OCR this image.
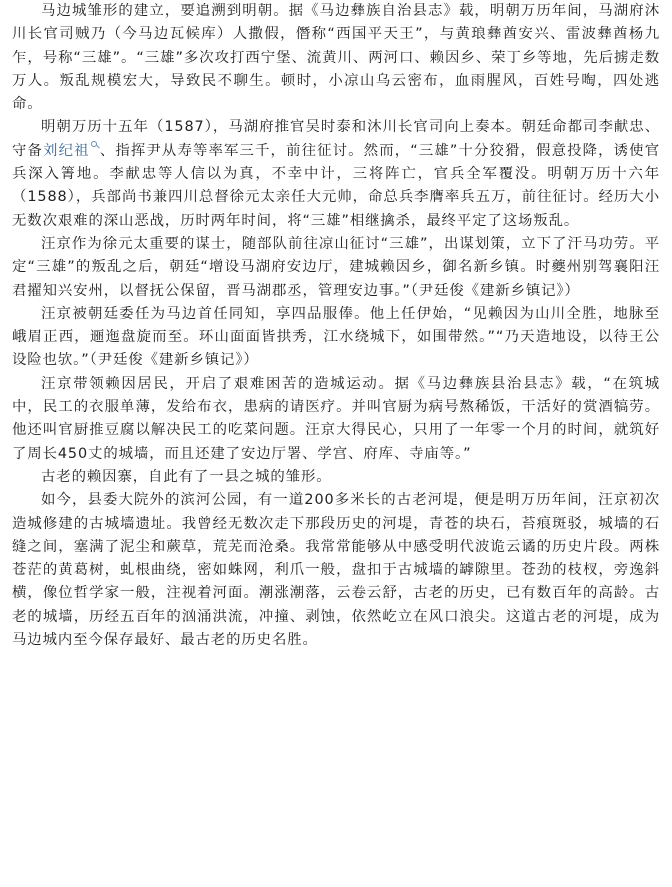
马边城雏形的建立，要追溯到明朝。据《马边彝族自治县志》载，明朝万历年间，马湖府沐川长官司贼乃（今马边瓦候库）人撒假，僭称“西国平天王”，与黄琅彝酋安兴、雷波彝酋杨九乍，号称“三雄”。“三雄”多次攻打西宁堡、流黄川、两河口、赖因乡、荣丁乡等地，先后掳走数万人。叛乱规模宏大，导致民不聊生。顿时，小凉山乌云密布，血雨腥风，百姓号啕，四处逃命。

明朝万历十五年（1587），马湖府推官吴时泰和沐川长官司向上奏本。朝廷命都司李献忠、守备刘纪祖 、指挥尹从寿等率军三千，前往征讨。然而，“三雄”十分狡猾，假意投降，诱使官兵深入箐地。李献忠等人信以为真，不幸中计，三将阵亡，官兵全军覆没。明朝万历十六年（1588），兵部尚书兼四川总督徐元太亲任大元帅，命总兵李膺率兵五万，前往征讨。经历大小无数次艰难的深山恶战，历时两年时间，将“三雄”相继擒杀，最终平定了这场叛乱。

汪京作为徐元太重要的谋士，随部队前往凉山征讨“三雄”，出谋划策，立下了汗马功劳。平定“三雄”的叛乱之后，朝廷“增设马湖府安边厅，建城赖因乡，御名新乡镇。时夔州别驾襄阳汪君擢知兴安州，以督抚公保留，晋马湖郡丞，管理安边事。”（尹廷俊《建新乡镇记》）

汪京被朝廷委任为马边首任同知，享四品服俸。他上任伊始，“见赖因为山川全胜，地脉至峨眉正西，逦迤盘旋而至。环山面面皆拱秀，江水绕城下，如围带然。”“乃天造地设，以待王公设险也欤。”（尹廷俊《建新乡镇记》）

汪京带领赖因居民，开启了艰难困苦的造城运动。据《马边彝族县治县志》载，“在筑城中，民工的衣服单薄，发给布衣，患病的请医疗。并叫官厨为病号熬稀饭，干活好的赏酒犒劳。他还叫官厨推豆腐以解决民工的吃菜问题。汪京大得民心，只用了一年零一个月的时间，就筑好了周长450丈的城墙，而且还建了安边厅署、学宫、府库、寺庙等。”

古老的赖因寨，自此有了一县之城的雏形。

如今，县委大院外的滨河公园，有一道200多米长的古老河堤，便是明万历年间，汪京初次造城修建的古城墙遗址。我曾经无数次走下那段历史的河堤，青苍的块石，苔痕斑驳，城墙的石缝之间，塞满了泥尘和蕨草，荒芜而沧桑。我常常能够从中感受明代波诡云谲的历史片段。两株苍茫的黄葛树，虬根曲绕，密如蛛网，利爪一般，盘扣于古城墙的罅隙里。苍劲的枝杈，旁逸斜横，像位哲学家一般，注视着河面。潮涨潮落，云卷云舒，古老的历史，已有数百年的高龄。古老的城墙，历经五百年的汹涌洪流，冲撞、剥蚀，依然屹立在风口浪尖。这道古老的河堤，成为马边城内至今保存最好、最古老的历史名胜。
